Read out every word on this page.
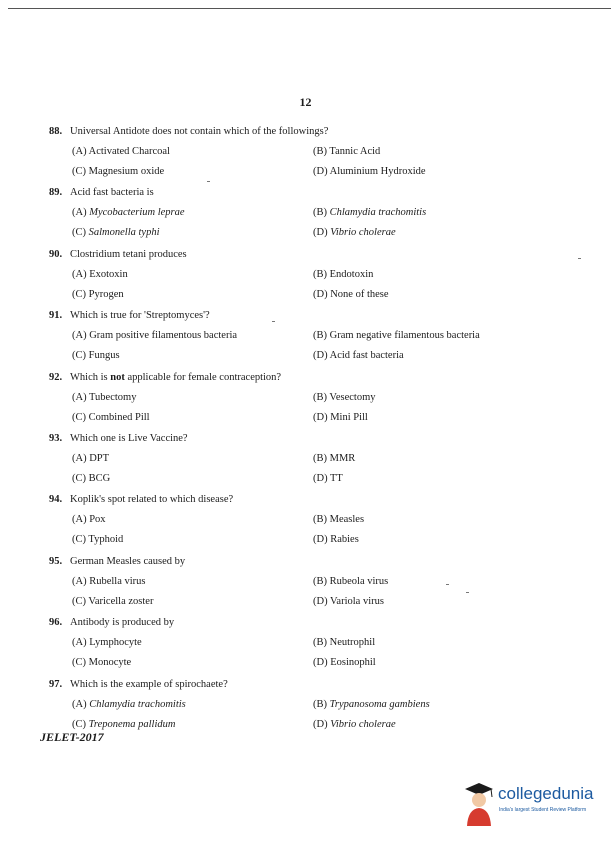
12
88. Universal Antidote does not contain which of the followings?
(A) Activated Charcoal	(B) Tannic Acid
(C) Magnesium oxide	(D) Aluminium Hydroxide
89. Acid fast bacteria is
(A) Mycobacterium leprae	(B) Chlamydia trachomitis
(C) Salmonella typhi	(D) Vibrio cholerae
90. Clostridium tetani produces
(A) Exotoxin	(B) Endotoxin
(C) Pyrogen	(D) None of these
91. Which is true for 'Streptomyces'?
(A) Gram positive filamentous bacteria	(B) Gram negative filamentous bacteria
(C) Fungus	(D) Acid fast bacteria
92. Which is not applicable for female contraception?
(A) Tubectomy	(B) Vesectomy
(C) Combined Pill	(D) Mini Pill
93. Which one is Live Vaccine?
(A) DPT	(B) MMR
(C) BCG	(D) TT
94. Koplik's spot related to which disease?
(A) Pox	(B) Measles
(C) Typhoid	(D) Rabies
95. German Measles caused by
(A) Rubella virus	(B) Rubeola virus
(C) Varicella zoster	(D) Variola virus
96. Antibody is produced by
(A) Lymphocyte	(B) Neutrophil
(C) Monocyte	(D) Eosinophil
97. Which is the example of spirochaete?
(A) Chlamydia trachomitis	(B) Trypanosoma gambiens
(C) Treponema pallidum	(D) Vibrio cholerae
JELET-2017
collegedunia
India's largest Student Review Platform
